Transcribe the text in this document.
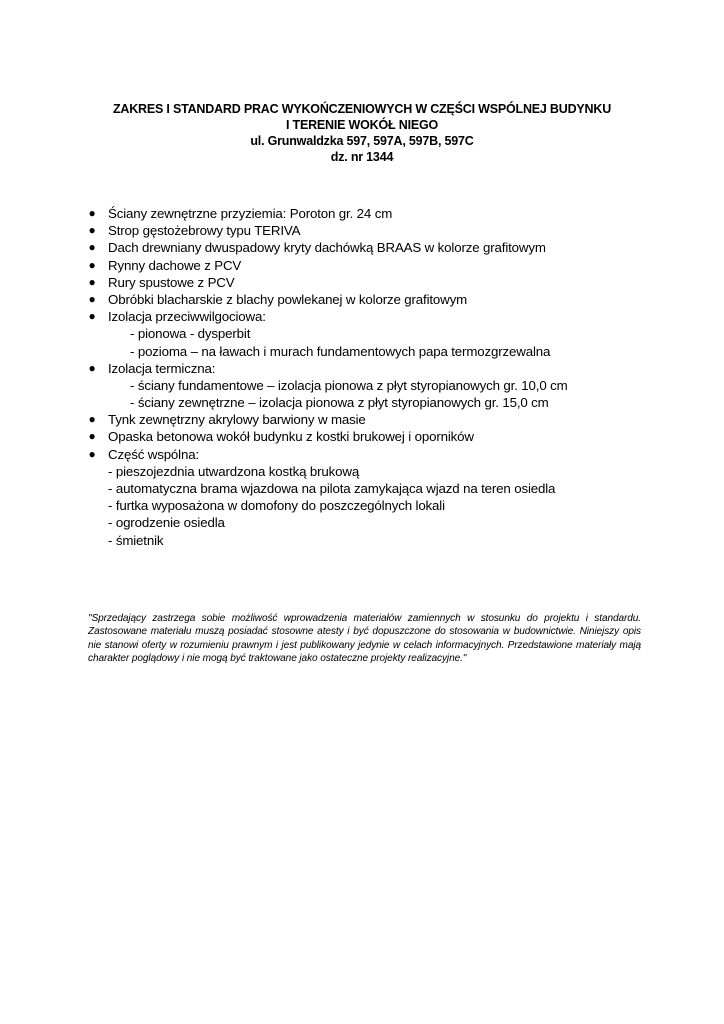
ZAKRES I STANDARD PRAC WYKOŃCZENIOWYCH W CZĘŚCI WSPÓLNEJ BUDYNKU
I TERENIE WOKÓŁ NIEGO
ul. Grunwaldzka 597, 597A, 597B, 597C
dz. nr 1344
● Ściany zewnętrzne przyziemia: Poroton gr. 24 cm
● Strop gęstożebrowy typu TERIVA
● Dach drewniany dwuspadowy kryty dachówką BRAAS w kolorze grafitowym
● Rynny dachowe z PCV
● Rury spustowe z PCV
● Obróbki blacharskie z blachy powlekanej w kolorze grafitowym
● Izolacja przeciwwilgociowa:
- pionowa - dysperbit
- pozioma – na ławach i murach fundamentowych papa termozgrzewalna
● Izolacja termiczna:
- ściany fundamentowe – izolacja pionowa z płyt styropianowych gr. 10,0 cm
- ściany zewnętrzne – izolacja pionowa z płyt styropianowych gr. 15,0 cm
● Tynk zewnętrzny akrylowy barwiony w masie
● Opaska betonowa wokół budynku z kostki brukowej i oporników
● Część wspólna:
- pieszojezdnia utwardzona kostką brukową
- automatyczna brama wjazdowa na pilota zamykająca wjazd na teren osiedla
- furtka wyposażona w domofony do poszczególnych lokali
- ogrodzenie osiedla
- śmietnik
"Sprzedający zastrzega sobie możliwość wprowadzenia materiałów zamiennych w stosunku do projektu i standardu. Zastosowane materiału muszą posiadać stosowne atesty i być dopuszczone do stosowania w budownictwie. Niniejszy opis nie stanowi oferty w rozumieniu prawnym i jest publikowany jedynie w celach informacyjnych. Przedstawione materiały mają charakter poglądowy i nie mogą być traktowane jako ostateczne projekty realizacyjne."
